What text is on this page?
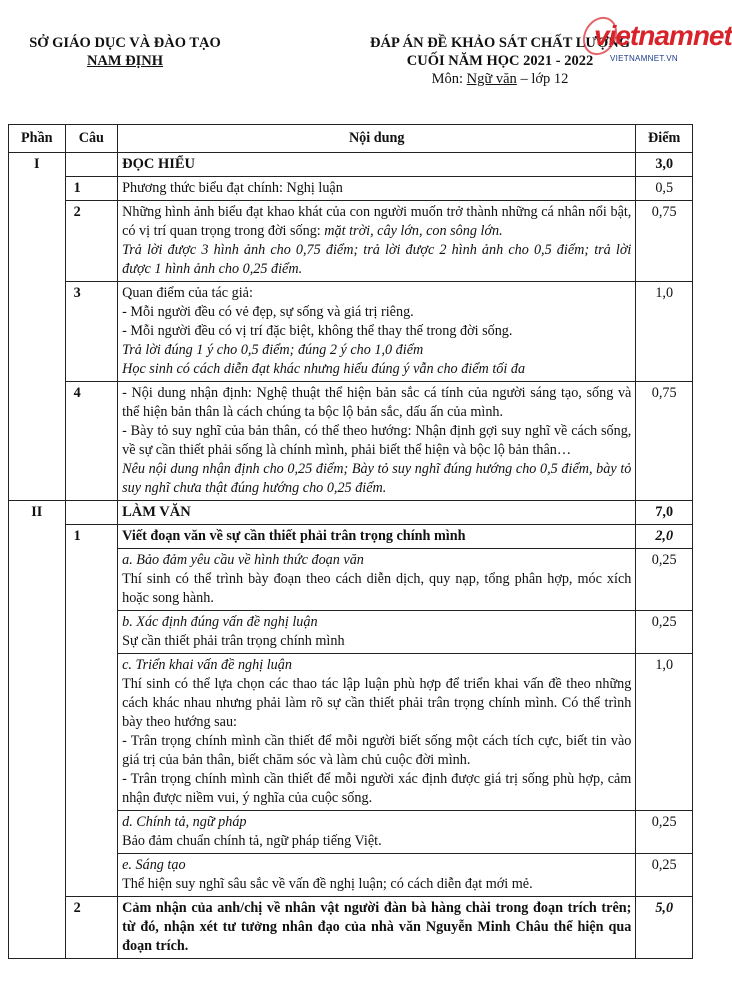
SỞ GIÁO DỤC VÀ ĐÀO TẠO
NAM ĐỊNH
ĐÁP ÁN ĐỀ KHẢO SÁT CHẤT LƯỢNG
CUỐI NĂM HỌC 2021 - 2022
Môn: Ngữ văn – lớp 12
vietnamnet
VIETNAMNET.VN
Phần	Câu	Nội dung	Điểm
I		ĐỌC HIỂU	3,0
	1	Phương thức biểu đạt chính: Nghị luận	0,5
	2	Những hình ảnh biểu đạt khao khát của con người muốn trở thành những cá nhân nổi bật, có vị trí quan trọng trong đời sống: mặt trời, cây lớn, con sông lớn.
Trả lời được 3 hình ảnh cho 0,75 điểm; trả lời được 2 hình ảnh cho 0,5 điểm; trả lời được 1 hình ảnh cho 0,25 điểm.	0,75
	3	Quan điểm của tác giả:
- Mỗi người đều có vẻ đẹp, sự sống và giá trị riêng.
- Mỗi người đều có vị trí đặc biệt, không thể thay thế trong đời sống.
Trả lời đúng 1 ý cho 0,5 điểm; đúng 2 ý cho 1,0 điểm
Học sinh có cách diễn đạt khác nhưng hiểu đúng ý vẫn cho điểm tối đa	1,0
	4	- Nội dung nhận định: Nghệ thuật thể hiện bản sắc cá tính của người sáng tạo, sống và thể hiện bản thân là cách chúng ta bộc lộ bản sắc, dấu ấn của mình.
- Bày tỏ suy nghĩ của bản thân, có thể theo hướng: Nhận định gợi suy nghĩ về cách sống, về sự cần thiết phải sống là chính mình, phải biết thể hiện và bộc lộ bản thân…
Nêu nội dung nhận định cho 0,25 điểm; Bày tỏ suy nghĩ đúng hướng cho 0,5 điểm, bày tỏ suy nghĩ chưa thật đúng hướng cho 0,25 điểm.	0,75
II		LÀM VĂN	7,0
	1	Viết đoạn văn về sự cần thiết phải trân trọng chính mình	2,0

		a. Bảo đảm yêu cầu về hình thức đoạn văn
Thí sinh có thể trình bày đoạn theo cách diễn dịch, quy nạp, tổng phân hợp, móc xích hoặc song hành.	0,25

		b. Xác định đúng vấn đề nghị luận
Sự cần thiết phải trân trọng chính mình	0,25

		c. Triển khai vấn đề nghị luận
Thí sinh có thể lựa chọn các thao tác lập luận phù hợp để triển khai vấn đề theo những cách khác nhau nhưng phải làm rõ sự cần thiết phải trân trọng chính mình. Có thể trình bày theo hướng sau:
- Trân trọng chính mình cần thiết để mỗi người biết sống một cách tích cực, biết tin vào giá trị của bản thân, biết chăm sóc và làm chủ cuộc đời mình.
- Trân trọng chính mình cần thiết để mỗi người xác định được giá trị sống phù hợp, cảm nhận được niềm vui, ý nghĩa của cuộc sống.	1,0

		d. Chính tả, ngữ pháp
Bảo đảm chuẩn chính tả, ngữ pháp tiếng Việt.	0,25

		e. Sáng tạo
Thể hiện suy nghĩ sâu sắc về vấn đề nghị luận; có cách diễn đạt mới mẻ.	0,25
	2	Cảm nhận của anh/chị về nhân vật người đàn bà hàng chài trong đoạn trích trên; từ đó, nhận xét tư tưởng nhân đạo của nhà văn Nguyễn Minh Châu thể hiện qua đoạn trích.	5,0
